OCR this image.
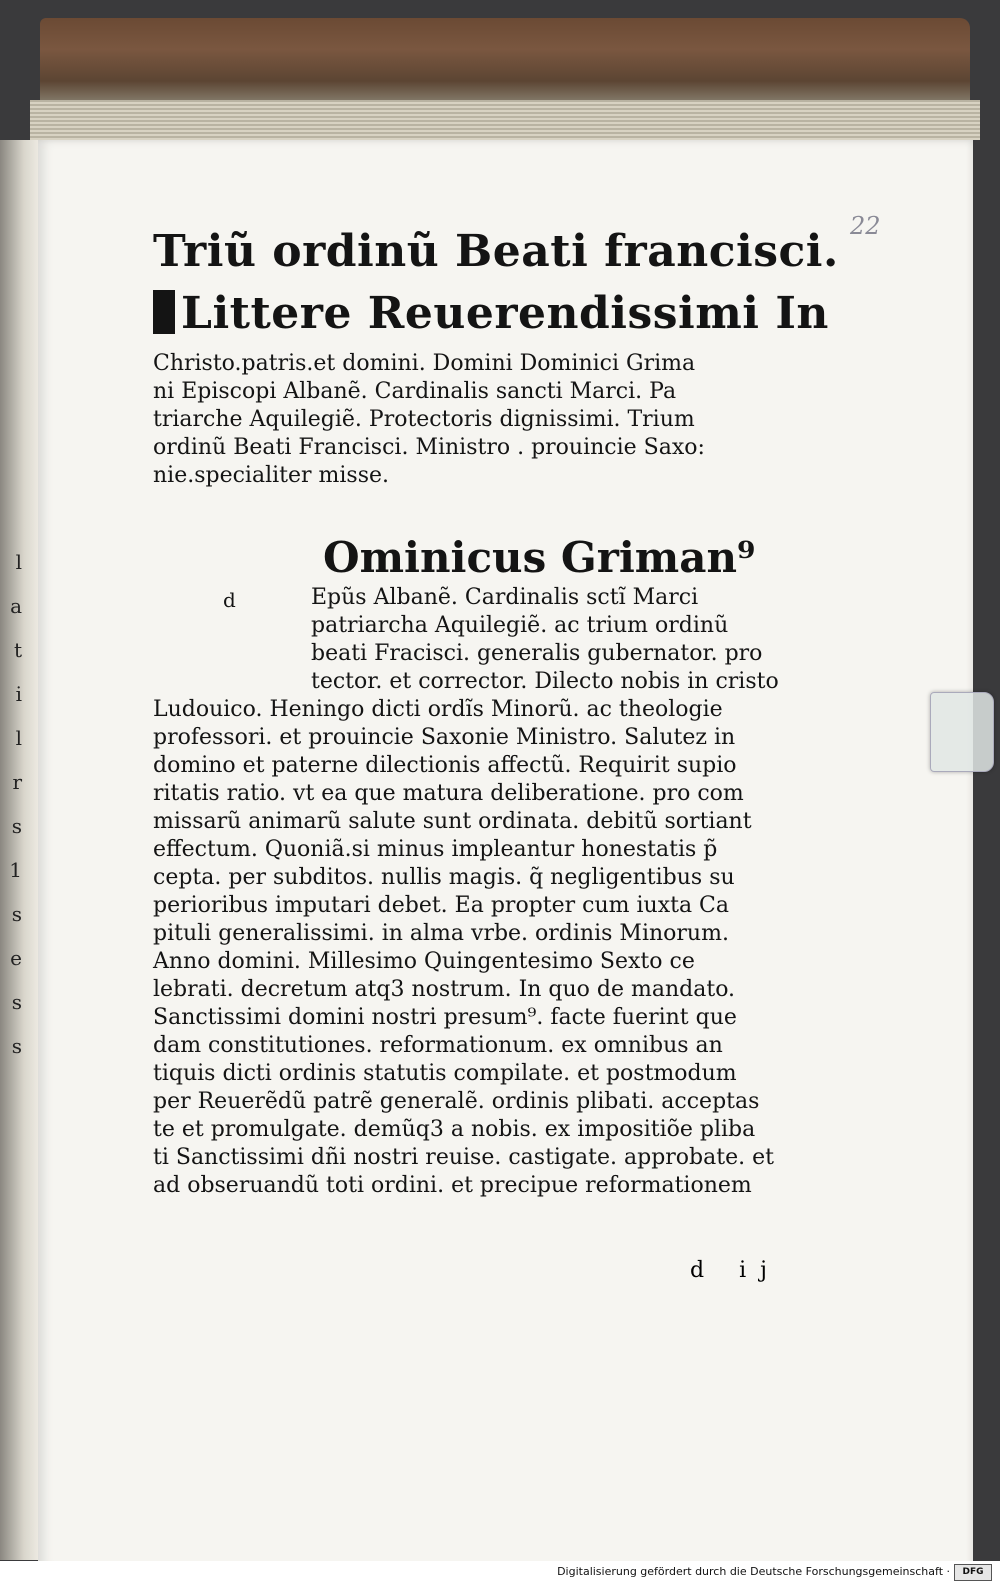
l
a
t
i
l
r
s
1
s
e
s
s
22
Triũ ordinũ Beati francisci.
Littere Reuerendissimi In
Christo.patris.et domini. Domini Dominici Grima
ni Episcopi Albanẽ. Cardinalis sancti Marci. Pa
triarche Aquilegiẽ. Protectoris dignissimi. Trium
ordinũ Beati Francisci. Ministro . prouincie Saxo:
nie.specialiter misse.
Ominicus Griman⁹
d	Epũs Albanẽ. Cardinalis sctĩ Marci
patriarcha Aquilegiẽ. ac trium ordinũ
beati Fracisci. generalis gubernator. pro
tector. et corrector. Dilecto nobis in cristo
Ludouico. Heningo dicti ordĩs Minorũ. ac theologie
professori. et prouincie Saxonie Ministro. Salutez in
domino et paterne dilectionis affectũ. Requirit supio
ritatis ratio. vt ea que matura deliberatione. pro com
missarũ animarũ salute sunt ordinata. debitũ sortiant
effectum. Quoniã.si minus impleantur honestatis p̃
cepta. per subditos. nullis magis. q̃ negligentibus su
perioribus imputari debet. Ea propter cum iuxta Ca
pituli generalissimi. in alma vrbe. ordinis Minorum.
Anno domini. Millesimo Quingentesimo Sexto ce
lebrati. decretum atq3 nostrum. In quo de mandato.
Sanctissimi domini nostri presum⁹. facte fuerint que
dam constitutiones. reformationum. ex omnibus an
tiquis dicti ordinis statutis compilate. et postmodum
per Reuerẽdũ patrẽ generalẽ. ordinis plibati. acceptas
te et promulgate. demũq3 a nobis. ex impositiõe pliba
ti Sanctissimi dñi nostri reuise. castigate. approbate. et
ad obseruandũ toti ordini. et precipue reformationem
d ij
Digitalisierung gefördert durch die Deutsche Forschungsgemeinschaft ·	DFG
